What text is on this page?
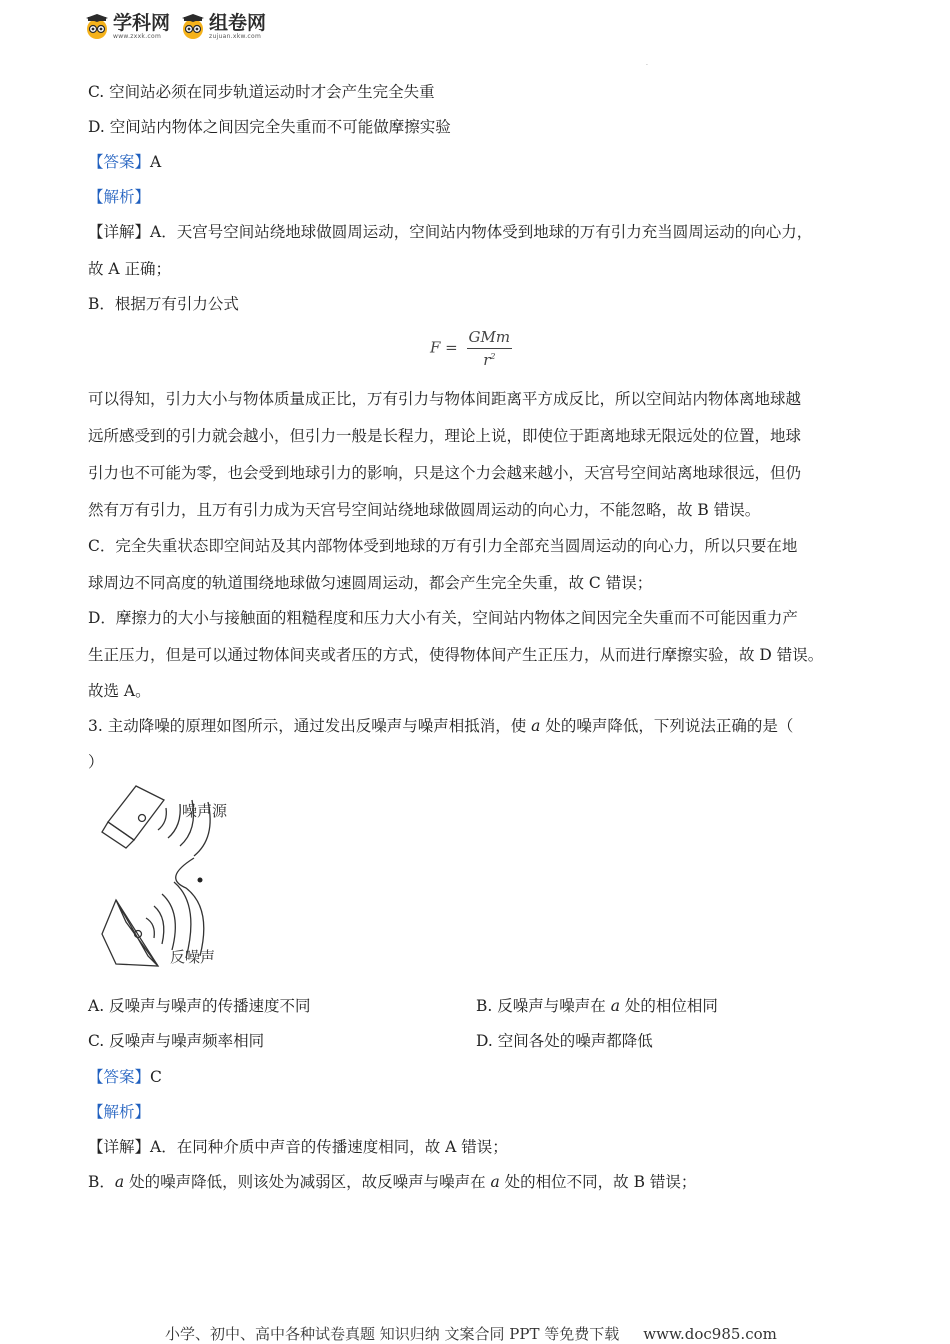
学科网
www.zxxk.com
组卷网
zujuan.xkw.com
.
C. 空间站必须在同步轨道运动时才会产生完全失重
D. 空间站内物体之间因完全失重而不可能做摩擦实验
【答案】A
【解析】
【详解】A．天宫号空间站绕地球做圆周运动，空间站内物体受到地球的万有引力充当圆周运动的向心力，
故 A 正确；
B．根据万有引力公式
$F = \frac{\text{GMm}}{r^2}$
可以得知，引力大小与物体质量成正比，万有引力与物体间距离平方成反比，所以空间站内物体离地球越
远所感受到的引力就会越小，但引力一般是长程力，理论上说，即使位于距离地球无限远处的位置，地球
引力也不可能为零，也会受到地球引力的影响，只是这个力会越来越小，天宫号空间站离地球很远，但仍
然有万有引力，且万有引力成为天宫号空间站绕地球做圆周运动的向心力，不能忽略，故 B 错误。
C．完全失重状态即空间站及其内部物体受到地球的万有引力全部充当圆周运动的向心力，所以只要在地
球周边不同高度的轨道围绕地球做匀速圆周运动，都会产生完全失重，故 C 错误；
D．摩擦力的大小与接触面的粗糙程度和压力大小有关，空间站内物体之间因完全失重而不可能因重力产
生正压力，但是可以通过物体间夹或者压的方式，使得物体间产生正压力，从而进行摩擦实验，故 D 错误。
故选 A。
3. 主动降噪的原理如图所示，通过发出反噪声与噪声相抵消，使 a 处的噪声降低，下列说法正确的是（
）
噪声源
反噪声
A. 反噪声与噪声的传播速度不同	B. 反噪声与噪声在 a 处的相位相同
C. 反噪声与噪声频率相同	D. 空间各处的噪声都降低
【答案】C
【解析】
【详解】A．在同种介质中声音的传播速度相同，故 A 错误；
B．a 处的噪声降低，则该处为减弱区，故反噪声与噪声在 a 处的相位不同，故 B 错误；
小学、初中、高中各种试卷真题 知识归纳 文案合同 PPT 等免费下载 www.doc985.com
